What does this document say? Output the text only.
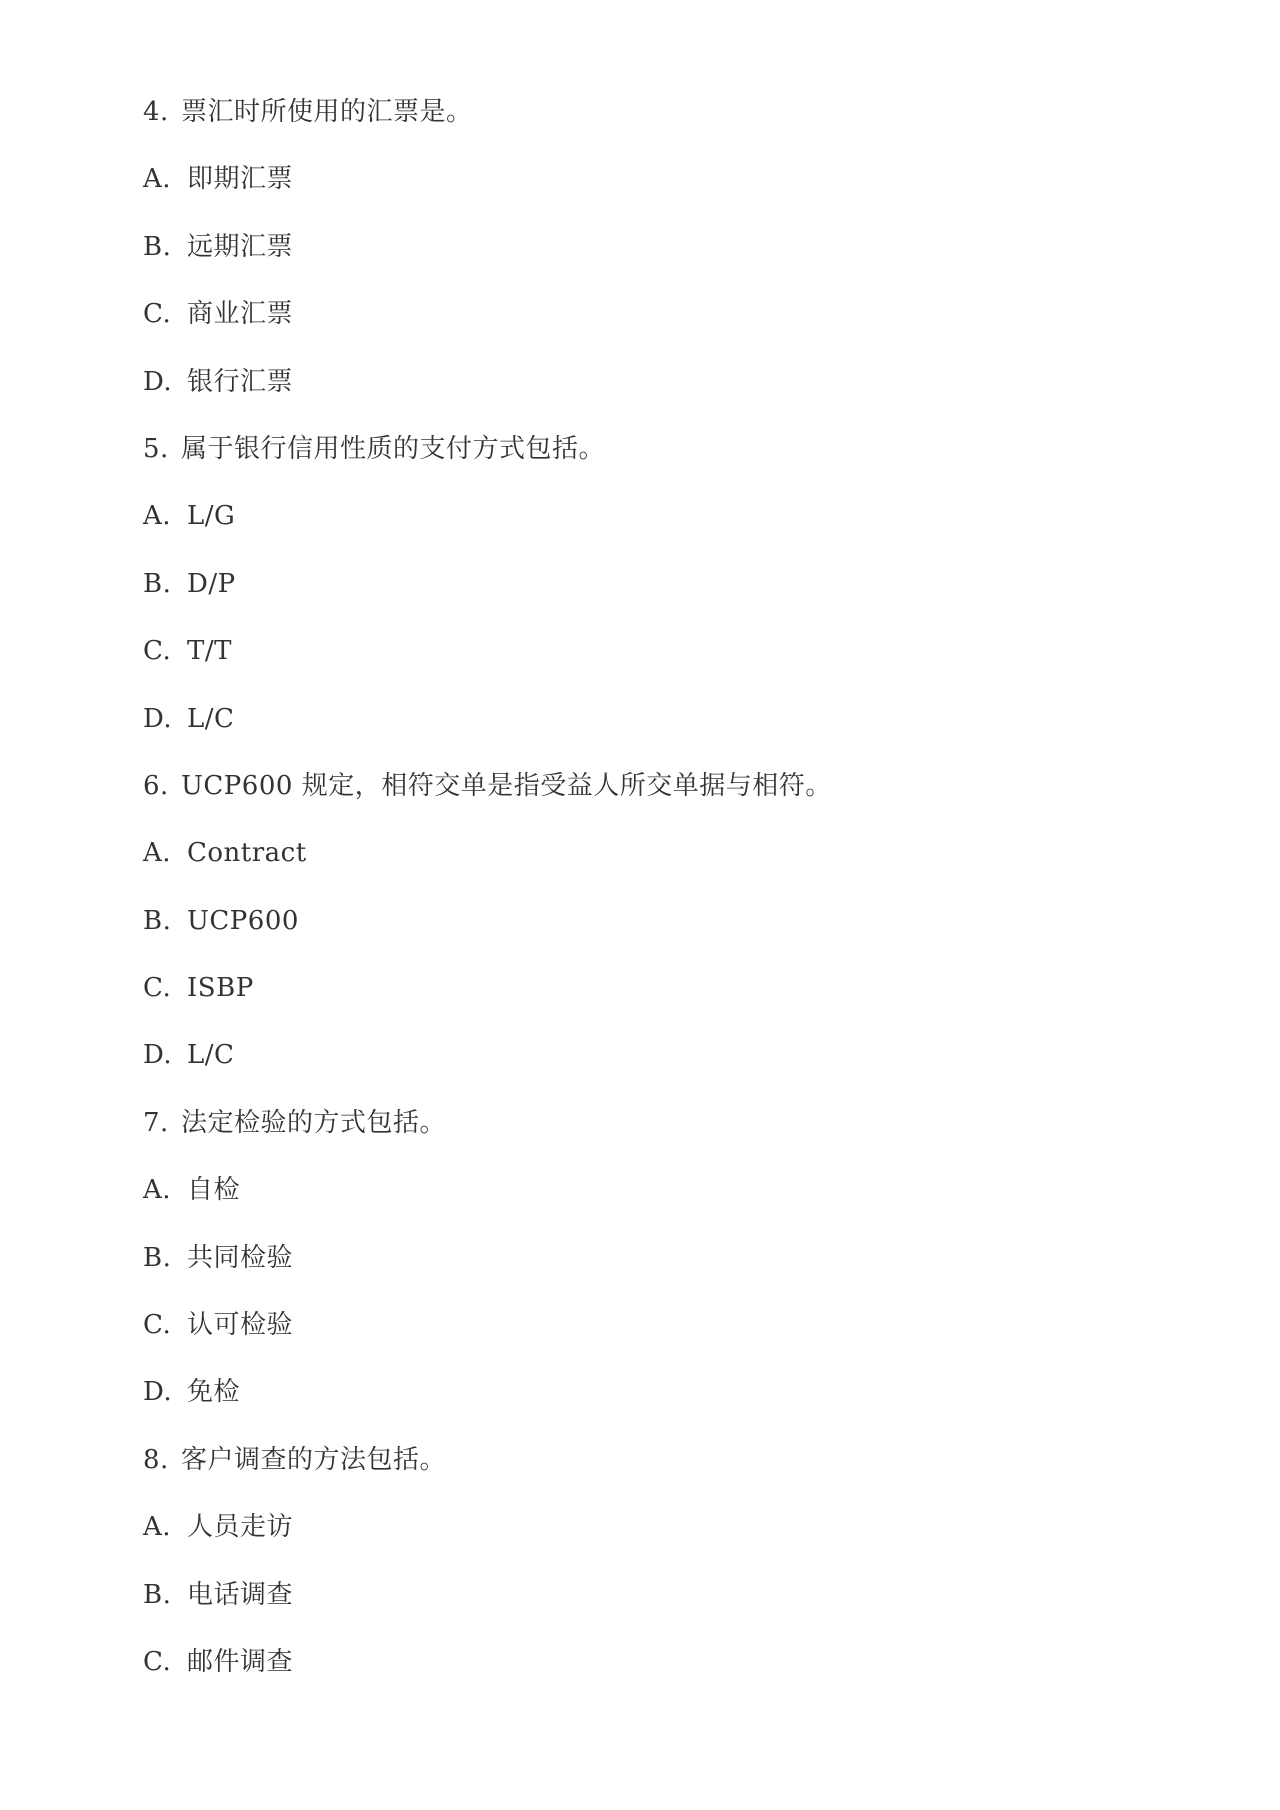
4. 票汇时所使用的汇票是。
A. 即期汇票
B. 远期汇票
C. 商业汇票
D. 银行汇票
5. 属于银行信用性质的支付方式包括。
A. L/G
B. D/P
C. T/T
D. L/C
6. UCP600 规定，相符交单是指受益人所交单据与相符。
A. Contract
B. UCP600
C. ISBP
D. L/C
7. 法定检验的方式包括。
A. 自检
B. 共同检验
C. 认可检验
D. 免检
8. 客户调查的方法包括。
A. 人员走访
B. 电话调查
C. 邮件调查
